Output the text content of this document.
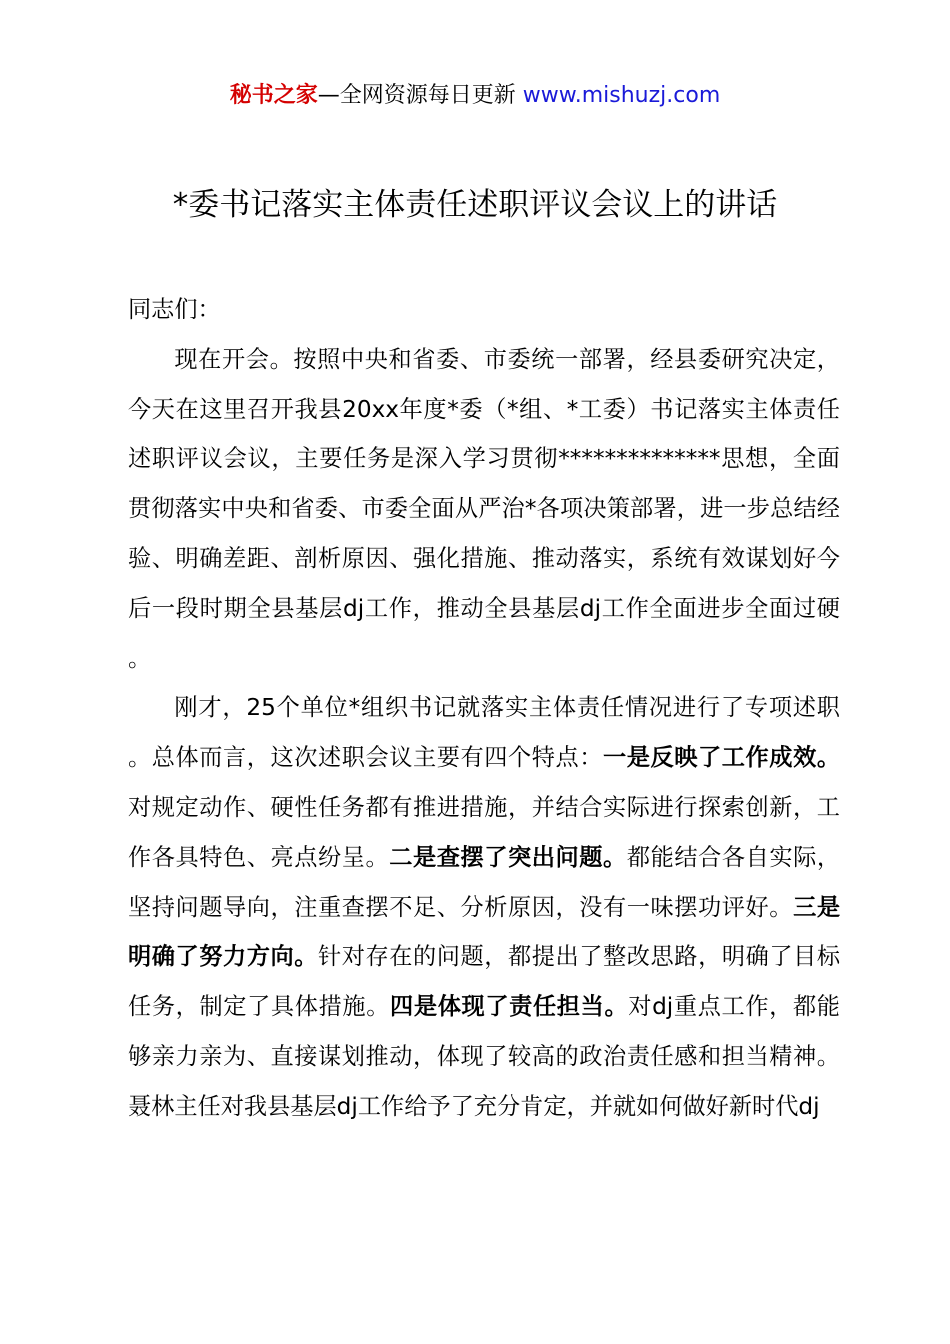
秘书之家—全网资源每日更新 www.mishuzj.com
*委书记落实主体责任述职评议会议上的讲话

同志们：

现在开会。按照中央和省委、市委统一部署，经县委研究决定，今天在这里召开我县20xx年度*委（*组、*工委）书记落实主体责任述职评议会议，主要任务是深入学习贯彻**************思想，全面贯彻落实中央和省委、市委全面从严治*各项决策部署，进一步总结经验、明确差距、剖析原因、强化措施、推动落实，系统有效谋划好今后一段时期全县基层dj工作，推动全县基层dj工作全面进步全面过硬。

刚才，25个单位*组织书记就落实主体责任情况进行了专项述职。总体而言，这次述职会议主要有四个特点：一是反映了工作成效。对规定动作、硬性任务都有推进措施，并结合实际进行探索创新，工作各具特色、亮点纷呈。二是查摆了突出问题。都能结合各自实际，坚持问题导向，注重查摆不足、分析原因，没有一味摆功评好。三是明确了努力方向。针对存在的问题，都提出了整改思路，明确了目标任务，制定了具体措施。四是体现了责任担当。对dj重点工作，都能够亲力亲为、直接谋划推动，体现了较高的政治责任感和担当精神。聂林主任对我县基层dj工作给予了充分肯定，并就如何做好新时代dj
